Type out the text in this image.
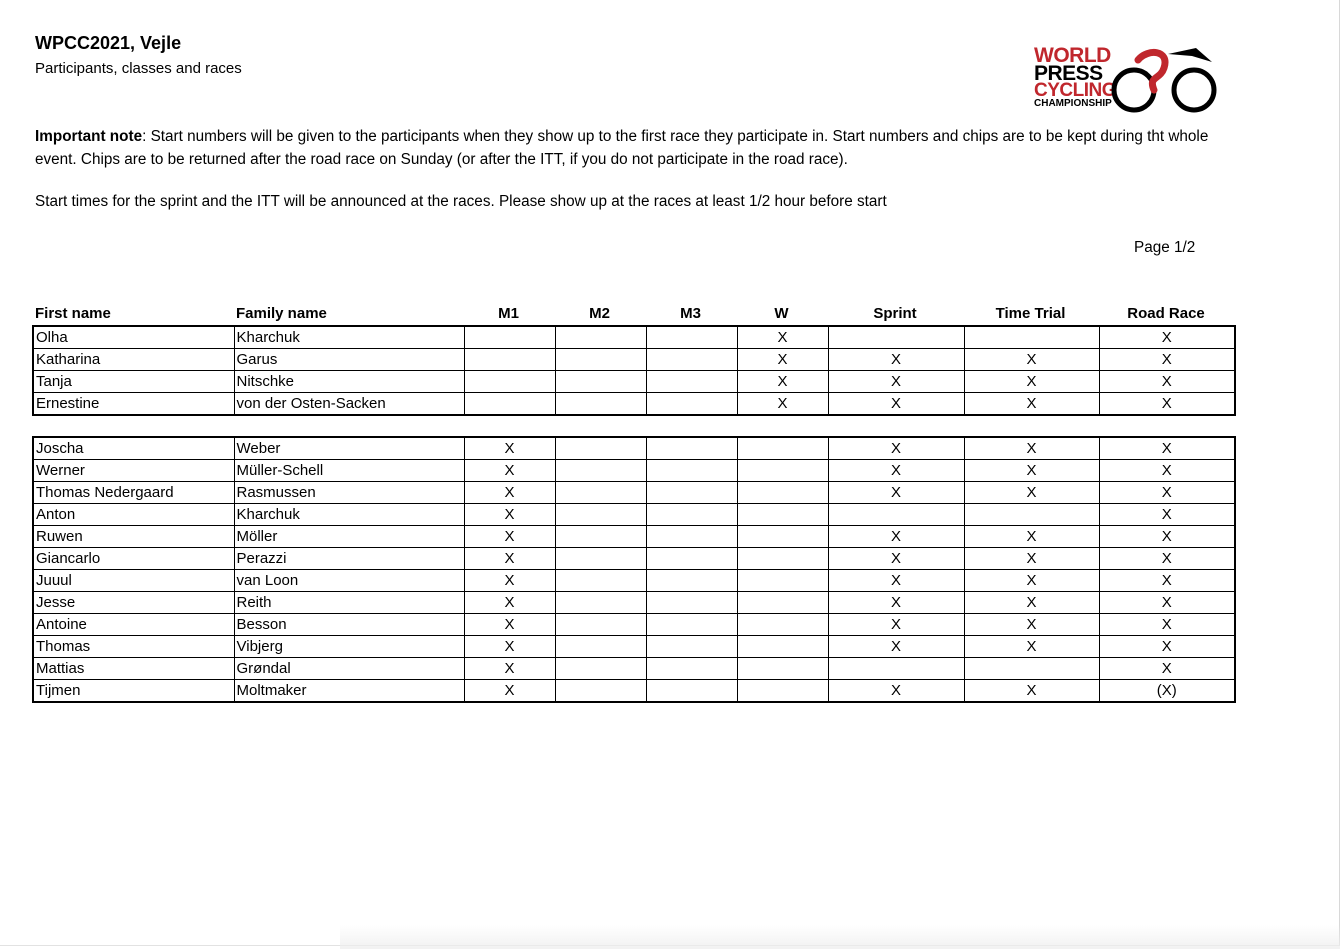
WPCC2021, Vejle
Participants, classes and races
WORLD
PRESS
CYCLING
CHAMPIONSHIP
Important note: Start numbers will be given to the participants when they show up to the first race they participate in. Start numbers and chips are to be kept during tht whole event. Chips are to be returned after the road race on Sunday (or after the ITT, if you do not participate in the road race).
Start times for the sprint and the ITT will be announced at the races. Please show up at the races at least 1/2 hour before start
Page 1/2
First name	Family name	M1	M2	M3	W	Sprint	Time Trial	Road Race
Olha	Kharchuk				X			X
Katharina	Garus				X	X	X	X
Tanja	Nitschke				X	X	X	X
Ernestine	von der Osten-Sacken				X	X	X	X
Joscha	Weber	X				X	X	X
Werner	Müller-Schell	X				X	X	X
Thomas Nedergaard	Rasmussen	X				X	X	X
Anton	Kharchuk	X						X
Ruwen	Möller	X				X	X	X
Giancarlo	Perazzi	X				X	X	X
Juuul	van Loon	X				X	X	X
Jesse	Reith	X				X	X	X
Antoine	Besson	X				X	X	X
Thomas	Vibjerg	X				X	X	X
Mattias	Grøndal	X						X
Tijmen	Moltmaker	X				X	X	(X)
